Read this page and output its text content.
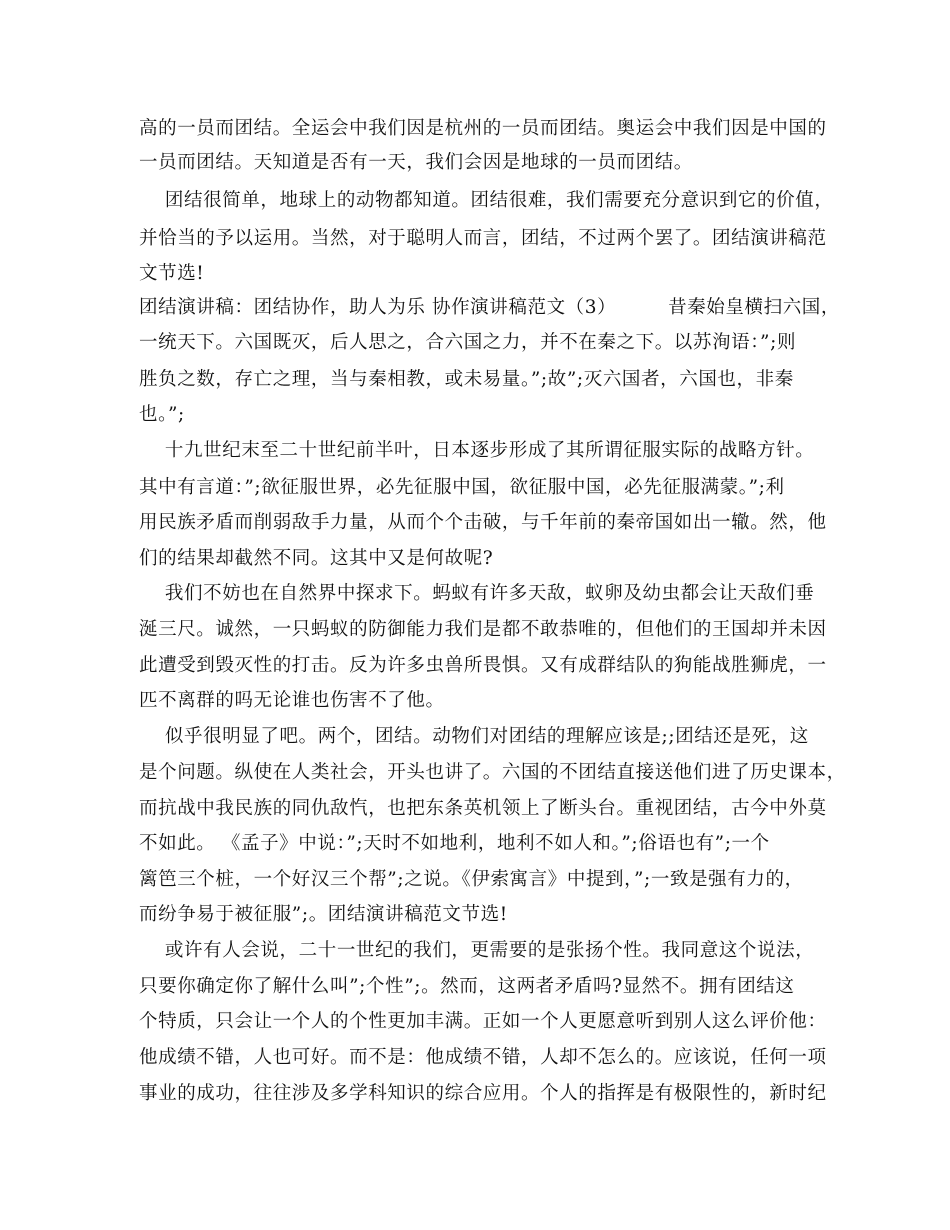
高的一员而团结。全运会中我们因是杭州的一员而团结。奥运会中我们因是中国的
一员而团结。天知道是否有一天，我们会因是地球的一员而团结。
团结很简单，地球上的动物都知道。团结很难，我们需要充分意识到它的价值，
并恰当的予以运用。当然，对于聪明人而言，团结，不过两个罢了。团结演讲稿范
文节选!
团结演讲稿：团结协作，助人为乐 协作演讲稿范文（3）        昔秦始皇横扫六国，
一统天下。六国既灭，后人思之，合六国之力，并不在秦之下。以苏洵语：”;则
胜负之数，存亡之理，当与秦相教，或未易量。”;故”;灭六国者，六国也，非秦
也。”;
十九世纪末至二十世纪前半叶，日本逐步形成了其所谓征服实际的战略方针。
其中有言道：”;欲征服世界，必先征服中国，欲征服中国，必先征服满蒙。”;利
用民族矛盾而削弱敌手力量，从而个个击破，与千年前的秦帝国如出一辙。然，他
们的结果却截然不同。这其中又是何故呢?
我们不妨也在自然界中探求下。蚂蚁有许多天敌，蚁卵及幼虫都会让天敌们垂
涎三尺。诚然，一只蚂蚁的防御能力我们是都不敢恭唯的，但他们的王国却并未因
此遭受到毁灭性的打击。反为许多虫兽所畏惧。又有成群结队的狗能战胜狮虎，一
匹不离群的吗无论谁也伤害不了他。
似乎很明显了吧。两个，团结。动物们对团结的理解应该是;;团结还是死，这
是个问题。纵使在人类社会，开头也讲了。六国的不团结直接送他们进了历史课本，
而抗战中我民族的同仇敌忾，也把东条英机领上了断头台。重视团结，古今中外莫
不如此。 《孟子》中说：”;天时不如地利，地利不如人和。”;俗语也有”;一个
篱笆三个桩，一个好汉三个帮”;之说。《伊索寓言》中提到，”;一致是强有力的，
而纷争易于被征服”;。团结演讲稿范文节选!
或许有人会说，二十一世纪的我们，更需要的是张扬个性。我同意这个说法，
只要你确定你了解什么叫”;个性”;。然而，这两者矛盾吗?显然不。拥有团结这
个特质，只会让一个人的个性更加丰满。正如一个人更愿意听到别人这么评价他：
他成绩不错，人也可好。而不是：他成绩不错，人却不怎么的。应该说，任何一项
事业的成功，往往涉及多学科知识的综合应用。个人的指挥是有极限性的，新时纪
